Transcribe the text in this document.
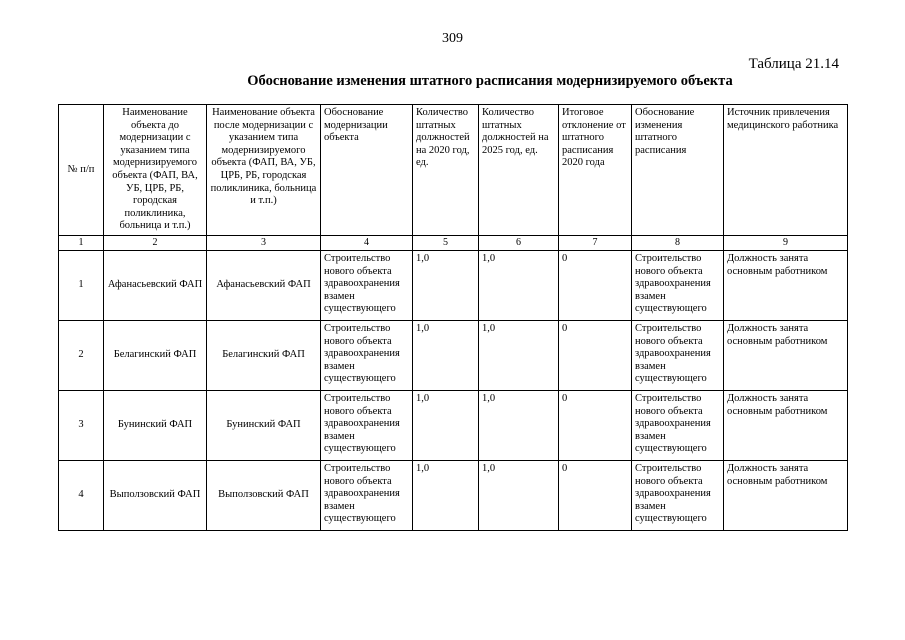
309
Таблица 21.14
Обоснование изменения штатного расписания модернизируемого объекта
№ п/п	Наименование объекта до модернизации с указанием типа модернизируемого объекта (ФАП, ВА, УБ, ЦРБ, РБ, городская поликлиника, больница и т.п.)	Наименование объекта после модернизации с указанием типа модернизируемого объекта (ФАП, ВА, УБ, ЦРБ, РБ, городская поликлиника, больница и т.п.)	Обоснование модернизации объекта	Количество штатных должностей на 2020 год, ед.	Количество штатных должностей на 2025 год, ед.	Итоговое отклонение от штатного расписания 2020 года	Обоснование изменения штатного расписания	Источник привлечения медицинского работника
1	2	3	4	5	6	7	8	9
1	Афанасьевский ФАП	Афанасьевский ФАП	Строительство нового объекта здравоохранения взамен существующего	1,0	1,0	0	Строительство нового объекта здравоохранения взамен существующего	Должность занята основным работником
2	Белагинский ФАП	Белагинский ФАП	Строительство нового объекта здравоохранения взамен существующего	1,0	1,0	0	Строительство нового объекта здравоохранения взамен существующего	Должность занята основным работником
3	Бунинский ФАП	Бунинский ФАП	Строительство нового объекта здравоохранения взамен существующего	1,0	1,0	0	Строительство нового объекта здравоохранения взамен существующего	Должность занята основным работником
4	Выползовский ФАП	Выползовский ФАП	Строительство нового объекта здравоохранения взамен существующего	1,0	1,0	0	Строительство нового объекта здравоохранения взамен существующего	Должность занята основным работником
